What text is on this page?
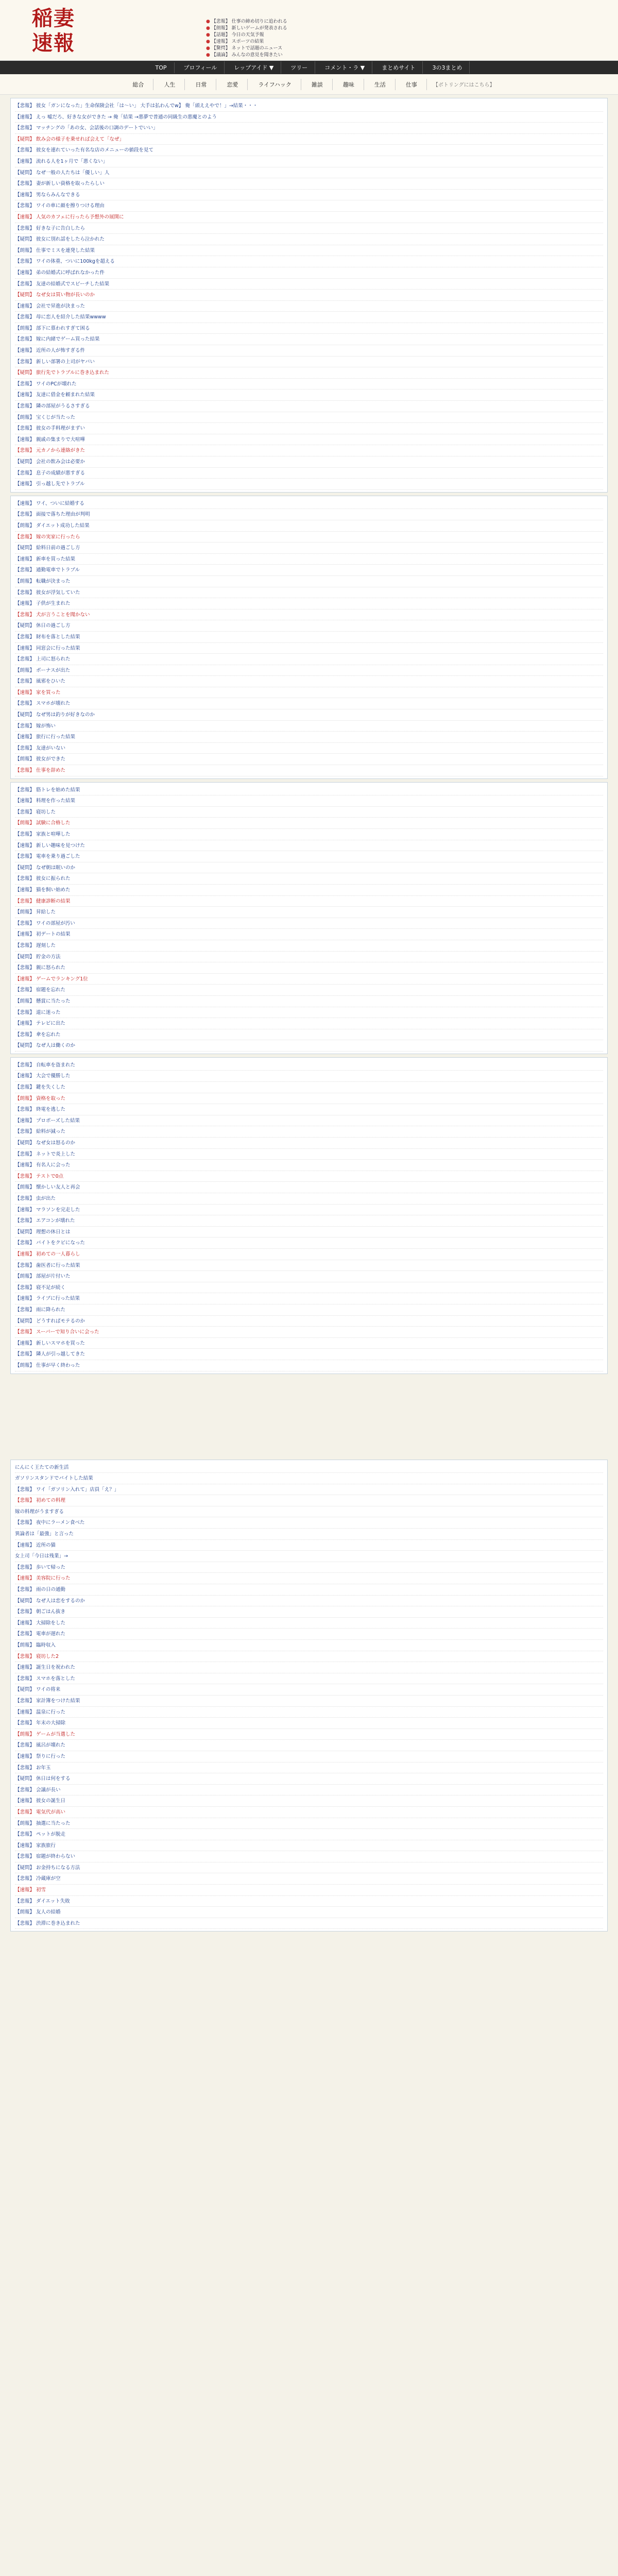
稲妻
速報
● 【悲報】 仕事の締め切りに追われる
● 【朗報】 新しいゲームが発表される
● 【話題】 今日の天気予報
● 【速報】 スポーツの結果
● 【驚愕】 ネットで話題のニュース
● 【議論】 みんなの意見を聞きたい
TOP	プロフィール	レップアイド ▼	ツリー	コメント・ラ ▼	まとめサイト	3の3まとめ
総合	人生	日常	恋愛	ライフハック	雑談	趣味	生活	仕事	【ボトリングにはこちら】
【悲報】 彼女「ガンになった」生命保険会社「は〜い」 大手は払わんでw】 俺「頭ええやで！」→結果・・・
【速報】 えっ 嘘だろ、好きな女ができた → 俺「結果 →悪夢で普通の同級生の悪魔とのよう
【悲報】 マッチングの「あの女、会話後の口調のデートでいい」
【疑問】 飲み会の様子を乗せれば会えて「なぜ」
【悲報】 彼女を連れていった有名な店のメニューの値段を見て
【速報】 流れる人を1ヶ月で「悪くない」
【疑問】 なぜ一般の人たちは「優しい」人
【悲報】 妻が新しい資格を取ったらしい
【速報】 男ならみんなできる
【悲報】 ワイの車に顔を擦りつける理由
【速報】 人気のカフェに行ったら予想外の展開に
【悲報】 好きな子に告白したら
【疑問】 彼女に別れ話をしたら泣かれた
【朗報】 仕事でミスを連発した結果
【悲報】 ワイの体重、ついに100kgを超える
【速報】 弟の結婚式に呼ばれなかった件
【悲報】 友達の結婚式でスピーチした結果
【疑問】 なぜ女は買い物が長いのか
【速報】 会社で昇進が決まった
【悲報】 母に恋人を紹介した結果wwww
【朗報】 部下に慕われすぎて困る
【悲報】 嫁に内緒でゲーム買った結果
【速報】 近所の人が怖すぎる件
【悲報】 新しい部署の上司がヤバい
【疑問】 旅行先でトラブルに巻き込まれた
【悲報】 ワイのPCが壊れた
【速報】 友達に借金を頼まれた結果
【悲報】 隣の部屋がうるさすぎる
【朗報】 宝くじが当たった
【悲報】 彼女の手料理がまずい
【速報】 親戚の集まりで大喧嘩
【悲報】 元カノから連絡がきた
【疑問】 会社の飲み会は必要か
【悲報】 息子の成績が悪すぎる
【速報】 引っ越し先でトラブル
【速報】 ワイ、ついに結婚する
【悲報】 面接で落ちた理由が判明
【朗報】 ダイエット成功した結果
【悲報】 嫁の実家に行ったら
【疑問】 給料日前の過ごし方
【速報】 新車を買った結果
【悲報】 通勤電車でトラブル
【朗報】 転職が決まった
【悲報】 彼女が浮気していた
【速報】 子供が生まれた
【悲報】 犬が言うことを聞かない
【疑問】 休日の過ごし方
【悲報】 財布を落とした結果
【速報】 同窓会に行った結果
【悲報】 上司に怒られた
【朗報】 ボーナスが出た
【悲報】 風邪をひいた
【速報】 家を買った
【悲報】 スマホが壊れた
【疑問】 なぜ男は釣りが好きなのか
【悲報】 嫁が怖い
【速報】 旅行に行った結果
【悲報】 友達がいない
【朗報】 彼女ができた
【悲報】 仕事を辞めた
【悲報】 筋トレを始めた結果
【速報】 料理を作った結果
【悲報】 寝坊した
【朗報】 試験に合格した
【悲報】 家族と喧嘩した
【速報】 新しい趣味を見つけた
【悲報】 電車を乗り過ごした
【疑問】 なぜ朝は眠いのか
【悲報】 彼女に振られた
【速報】 猫を飼い始めた
【悲報】 健康診断の結果
【朗報】 昇給した
【悲報】 ワイの部屋が汚い
【速報】 初デートの結果
【悲報】 遅刻した
【疑問】 貯金の方法
【悲報】 親に怒られた
【速報】 ゲームでランキング1位
【悲報】 宿題を忘れた
【朗報】 懸賞に当たった
【悲報】 道に迷った
【速報】 テレビに出た
【悲報】 傘を忘れた
【疑問】 なぜ人は働くのか
【悲報】 自転車を盗まれた
【速報】 大会で優勝した
【悲報】 鍵を失くした
【朗報】 資格を取った
【悲報】 終電を逃した
【速報】 プロポーズした結果
【悲報】 給料が減った
【疑問】 なぜ女は怒るのか
【悲報】 ネットで炎上した
【速報】 有名人に会った
【悲報】 テストで0点
【朗報】 懐かしい友人と再会
【悲報】 虫が出た
【速報】 マラソンを完走した
【悲報】 エアコンが壊れた
【疑問】 理想の休日とは
【悲報】 バイトをクビになった
【速報】 初めての一人暮らし
【悲報】 歯医者に行った結果
【朗報】 部屋が片付いた
【悲報】 寝不足が続く
【速報】 ライブに行った結果
【悲報】 雨に降られた
【疑問】 どうすればモテるのか
【悲報】 スーパーで知り合いに会った
【速報】 新しいスマホを買った
【悲報】 隣人が引っ越してきた
【朗報】 仕事が早く終わった
にんにく王たての新生活
ガソリンスタンドでバイトした結果
【悲報】 ワイ「ガソリン入れて」店員「え？」
【悲報】 初めての料理
嫁の料理がうますぎる
【悲報】 夜中にラーメン食べた
異論者は「最強」と言った
【速報】 近所の猫
女上司「今日は残業」→
【悲報】 歩いて帰った
【速報】 美容院に行った
【悲報】 雨の日の通勤
【疑問】 なぜ人は恋をするのか
【悲報】 朝ごはん抜き
【速報】 大掃除をした
【悲報】 電車が遅れた
【朗報】 臨時収入
【悲報】 寝坊した2
【速報】 誕生日を祝われた
【悲報】 スマホを落とした
【疑問】 ワイの将来
【悲報】 家計簿をつけた結果
【速報】 温泉に行った
【悲報】 年末の大掃除
【朗報】 ゲームが当選した
【悲報】 風呂が壊れた
【速報】 祭りに行った
【悲報】 お年玉
【疑問】 休日は何をする
【悲報】 会議が長い
【速報】 彼女の誕生日
【悲報】 電気代が高い
【朗報】 抽選に当たった
【悲報】 ペットが脱走
【速報】 家族旅行
【悲報】 宿題が終わらない
【疑問】 お金持ちになる方法
【悲報】 冷蔵庫が空
【速報】 初雪
【悲報】 ダイエット失敗
【朗報】 友人の結婚
【悲報】 渋滞に巻き込まれた
